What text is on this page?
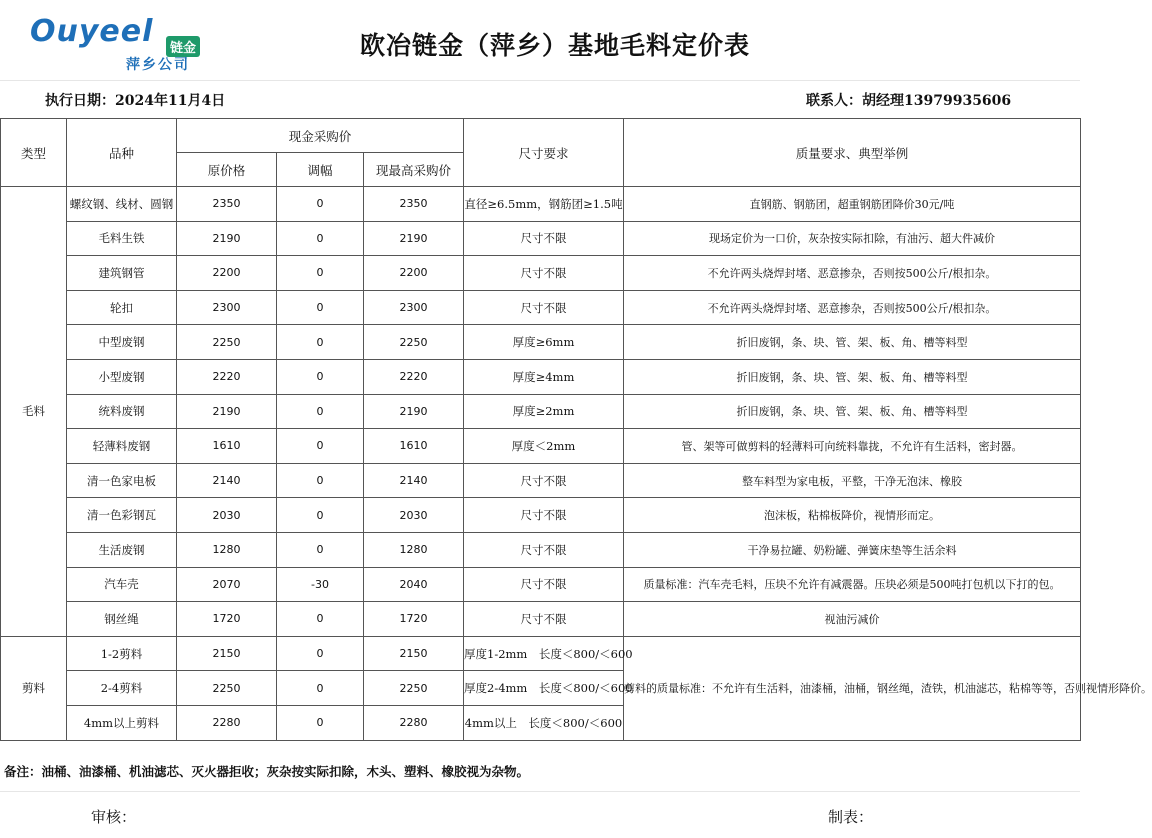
Ouyeel	链金
萍乡公司
欧冶链金（萍乡）基地毛料定价表
执行日期：2024年11月4日	联系人：胡经理13979935606
类型	品种	现金采购价			尺寸要求	质量要求、典型举例
		原价格	调幅	现最高采购价		
毛料	螺纹钢、线材、圆钢	2350	0	2350	直径≥6.5mm，钢筋团≥1.5吨	直钢筋、钢筋团，超重钢筋团降价30元/吨
	毛料生铁	2190	0	2190	尺寸不限	现场定价为一口价，灰杂按实际扣除，有油污、超大件减价
	建筑钢管	2200	0	2200	尺寸不限	不允许两头烧焊封堵、恶意掺杂，否则按500公斤/根扣杂。
	轮扣	2300	0	2300	尺寸不限	不允许两头烧焊封堵、恶意掺杂，否则按500公斤/根扣杂。
	中型废钢	2250	0	2250	厚度≥6mm	折旧废钢，条、块、管、架、板、角、槽等料型
	小型废钢	2220	0	2220	厚度≥4mm	折旧废钢，条、块、管、架、板、角、槽等料型
	统料废钢	2190	0	2190	厚度≥2mm	折旧废钢，条、块、管、架、板、角、槽等料型
	轻薄料废钢	1610	0	1610	厚度＜2mm	管、架等可做剪料的轻薄料可向统料靠拢，不允许有生活料，密封器。
	清一色家电板	2140	0	2140	尺寸不限	整车料型为家电板，平整，干净无泡沫、橡胶
	清一色彩钢瓦	2030	0	2030	尺寸不限	泡沫板，粘棉板降价，视情形而定。
	生活废钢	1280	0	1280	尺寸不限	干净易拉罐、奶粉罐、弹簧床垫等生活余料
	汽车壳	2070	-30	2040	尺寸不限	质量标准：汽车壳毛料，压块不允许有减震器。压块必须是500吨打包机以下打的包。
	钢丝绳	1720	0	1720	尺寸不限	视油污减价
剪料	1-2剪料	2150	0	2150	厚度1-2mm　长度＜800/＜600	剪料的质量标准：不允许有生活料，油漆桶，油桶，钢丝绳，渣铁，机油滤芯，粘棉等等，否则视情形降价。
	2-4剪料	2250	0	2250	厚度2-4mm　长度＜800/＜600	
	4mm以上剪料	2280	0	2280	4mm以上　长度＜800/＜600	
备注：油桶、油漆桶、机油滤芯、灭火器拒收；灰杂按实际扣除，木头、塑料、橡胶视为杂物。
审核：	制表：
